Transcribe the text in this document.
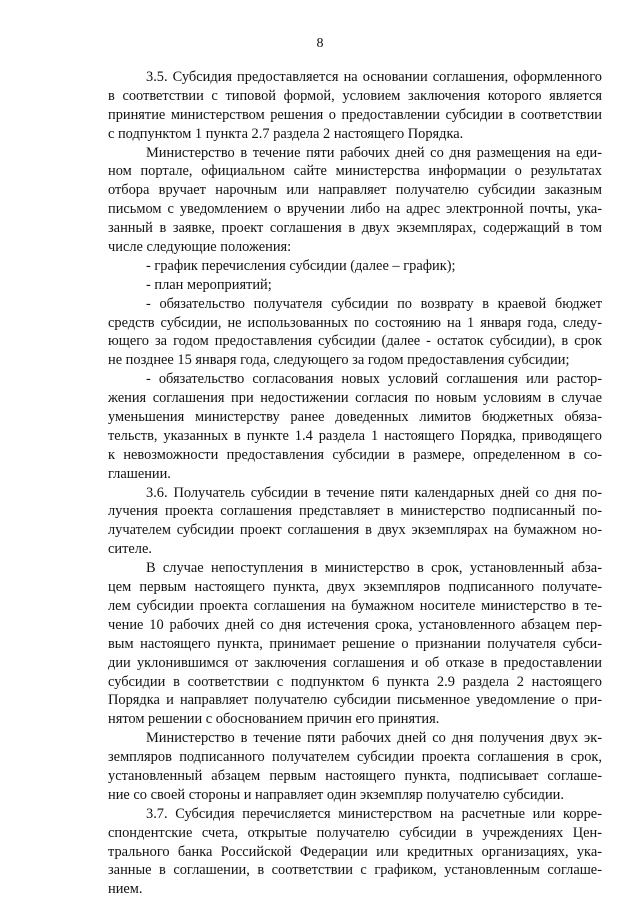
8
3.5. Субсидия предоставляется на основании соглашения, оформленного
в соответствии с типовой формой, условием заключения которого является
принятие министерством решения о предоставлении субсидии в соответствии
с подпунктом 1 пункта 2.7 раздела 2 настоящего Порядка.
Министерство в течение пяти рабочих дней со дня размещения на еди-
ном портале, официальном сайте министерства информации о результатах
отбора вручает нарочным или направляет получателю субсидии заказным
письмом с уведомлением о вручении либо на адрес электронной почты, ука-
занный в заявке, проект соглашения в двух экземплярах, содержащий в том
числе следующие положения:
- график перечисления субсидии (далее – график);
- план мероприятий;
- обязательство получателя субсидии по возврату в краевой бюджет
средств субсидии, не использованных по состоянию на 1 января года, следу-
ющего за годом предоставления субсидии (далее - остаток субсидии), в срок
не позднее 15 января года, следующего за годом предоставления субсидии;
- обязательство согласования новых условий соглашения или растор-
жения соглашения при недостижении согласия по новым условиям в случае
уменьшения министерству ранее доведенных лимитов бюджетных обяза-
тельств, указанных в пункте 1.4 раздела 1 настоящего Порядка, приводящего
к невозможности предоставления субсидии в размере, определенном в со-
глашении.
3.6. Получатель субсидии в течение пяти календарных дней со дня по-
лучения проекта соглашения представляет в министерство подписанный по-
лучателем субсидии проект соглашения в двух экземплярах на бумажном но-
сителе.
В случае непоступления в министерство в срок, установленный абза-
цем первым настоящего пункта, двух экземпляров подписанного получате-
лем субсидии проекта соглашения на бумажном носителе министерство в те-
чение 10 рабочих дней со дня истечения срока, установленного абзацем пер-
вым настоящего пункта, принимает решение о признании получателя субси-
дии уклонившимся от заключения соглашения и об отказе в предоставлении
субсидии в соответствии с подпунктом 6 пункта 2.9 раздела 2 настоящего
Порядка и направляет получателю субсидии письменное уведомление о при-
нятом решении с обоснованием причин его принятия.
Министерство в течение пяти рабочих дней со дня получения двух эк-
земпляров подписанного получателем субсидии проекта соглашения в срок,
установленный абзацем первым настоящего пункта, подписывает соглаше-
ние со своей стороны и направляет один экземпляр получателю субсидии.
3.7. Субсидия перечисляется министерством на расчетные или корре-
спондентские счета, открытые получателю субсидии в учреждениях Цен-
трального банка Российской Федерации или кредитных организациях, ука-
занные в соглашении, в соответствии с графиком, установленным соглаше-
нием.
